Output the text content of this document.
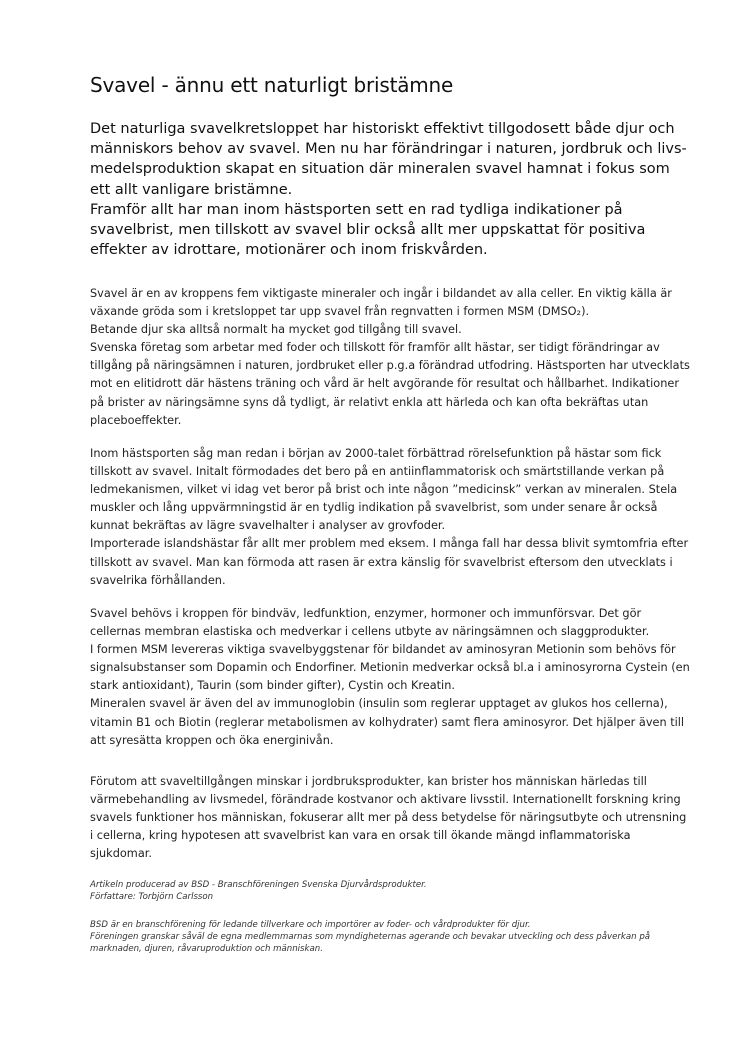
Svavel - ännu ett naturligt bristämne

Det naturliga svavelkretsloppet har historiskt effektivt tillgodosett både djur och människors behov av svavel. Men nu har förändringar i naturen, jordbruk och livs-medelsproduktion skapat en situation där mineralen svavel hamnat i fokus som ett allt vanligare bristämne.

Framför allt har man inom hästsporten sett en rad tydliga indikationer på svavelbrist, men tillskott av svavel blir också allt mer uppskattat för positiva effekter av idrottare, motionärer och inom friskvården.

Svavel är en av kroppens fem viktigaste mineraler och ingår i bildandet av alla celler. En viktig källa är växande gröda som i kretsloppet tar upp svavel från regnvatten i formen MSM (DMSO₂).

Betande djur ska alltså normalt ha mycket god tillgång till svavel.

Svenska företag som arbetar med foder och tillskott för framför allt hästar, ser tidigt förändringar av tillgång på näringsämnen i naturen, jordbruket eller p.g.a förändrad utfodring. Hästsporten har utvecklats mot en elitidrott där hästens träning och vård är helt avgörande för resultat och hållbarhet. Indikationer på brister av näringsämne syns då tydligt, är relativt enkla att härleda och kan ofta bekräftas utan placeboeffekter.

Inom hästsporten såg man redan i början av 2000-talet förbättrad rörelsefunktion på hästar som fick tillskott av svavel. Initalt förmodades det bero på en antiinflammatorisk och smärtstillande verkan på ledmekanismen, vilket vi idag vet beror på brist och inte någon ”medicinsk” verkan av mineralen. Stela muskler och lång uppvärmningstid är en tydlig indikation på svavelbrist, som under senare år också kunnat bekräftas av lägre svavelhalter i analyser av grovfoder.

Importerade islandshästar får allt mer problem med eksem. I många fall har dessa blivit symtomfria efter tillskott av svavel. Man kan förmoda att rasen är extra känslig för svavelbrist eftersom den utvecklats i svavelrika förhållanden.

Svavel behövs i kroppen för bindväv, ledfunktion, enzymer, hormoner och immunförsvar. Det gör cellernas membran elastiska och medverkar i cellens utbyte av näringsämnen och slaggprodukter.

I formen MSM levereras viktiga svavelbyggstenar för bildandet av aminosyran Metionin som behövs för signalsubstanser som Dopamin och Endorfiner. Metionin medverkar också bl.a i aminosyrorna Cystein (en stark antioxidant), Taurin (som binder gifter), Cystin och Kreatin.

Mineralen svavel är även del av immunoglobin (insulin som reglerar upptaget av glukos hos cellerna), vitamin B1 och Biotin (reglerar metabolismen av kolhydrater) samt flera aminosyror. Det hjälper även till att syresätta kroppen och öka energinivån.

Förutom att svaveltillgången minskar i jordbruksprodukter, kan brister hos människan härledas till värmebehandling av livsmedel, förändrade kostvanor och aktivare livsstil. Internationellt forskning kring svavels funktioner hos människan, fokuserar allt mer på dess betydelse för näringsutbyte och utrensning i cellerna, kring hypotesen att svavelbrist kan vara en orsak till ökande mängd inflammatoriska sjukdomar.

Artikeln producerad av BSD - Branschföreningen Svenska Djurvårdsprodukter.

Författare: Torbjörn Carlsson

BSD är en branschförening för ledande tillverkare och importörer av foder- och vårdprodukter för djur.

Föreningen granskar såväl de egna medlemmarnas som myndigheternas agerande och bevakar utveckling och dess påverkan på marknaden, djuren, råvaruproduktion och människan.
